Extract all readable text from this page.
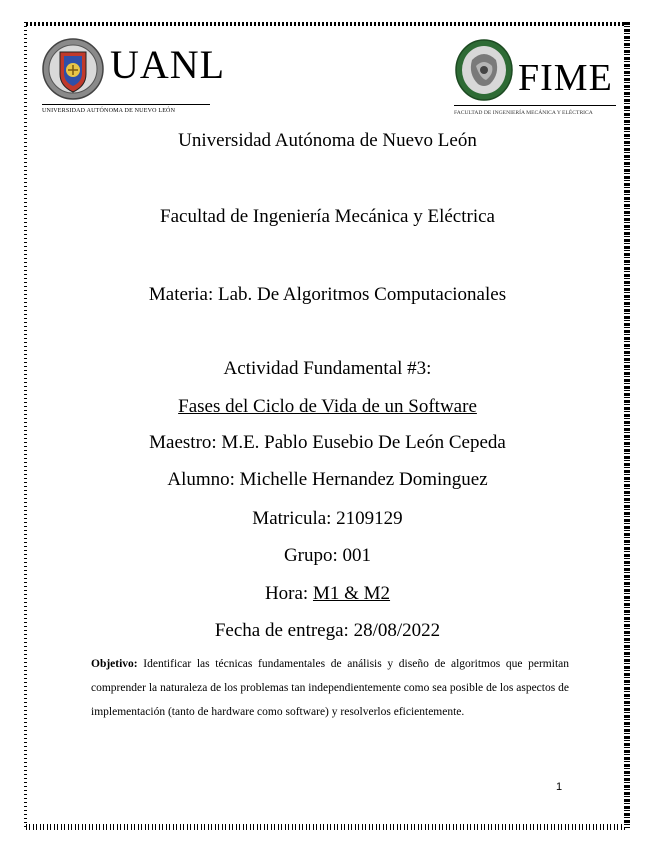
UANL
UNIVERSIDAD AUTÓNOMA DE NUEVO LEÓN
FIME
FACULTAD DE INGENIERÍA MECÁNICA Y ELÉCTRICA
Universidad Autónoma de Nuevo León
Facultad de Ingeniería Mecánica y Eléctrica
Materia: Lab. De Algoritmos Computacionales
Actividad Fundamental #3:
Fases del Ciclo de Vida de un Software
Maestro: M.E. Pablo Eusebio De León Cepeda
Alumno: Michelle Hernandez Dominguez
Matricula: 2109129
Grupo: 001
Hora: M1 & M2
Fecha de entrega: 28/08/2022
Objetivo: Identificar las técnicas fundamentales de análisis y diseño de algoritmos que permitan comprender la naturaleza de los problemas tan independientemente como sea posible de los aspectos de implementación (tanto de hardware como software) y resolverlos eficientemente.
1
